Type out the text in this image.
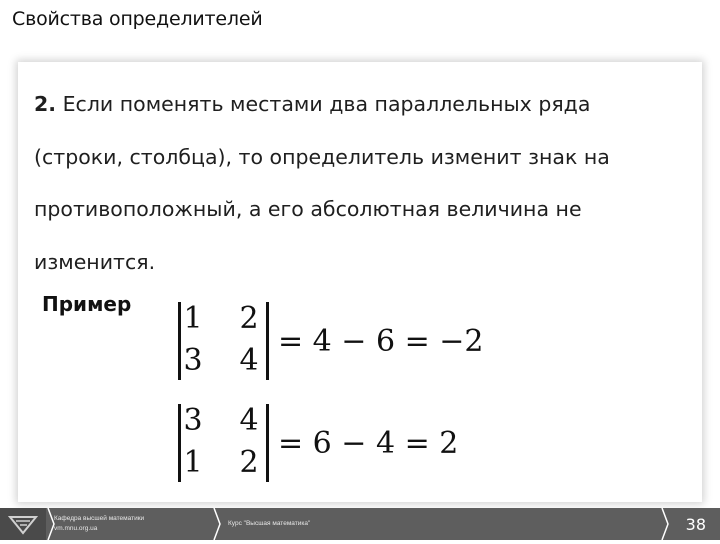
Свойства определителей
2. Если поменять местами два параллельных ряда
(строки, столбца), то определитель изменит знак на
противоположный, а его абсолютная величина не
изменится.
Пример 1 2
3 4
= 4 − 6 = −2
3 4
1 2
= 6 − 4 = 2
Кафедра высшей математики
vm.mnu.org.ua
Курс "Высшая математика"	38
